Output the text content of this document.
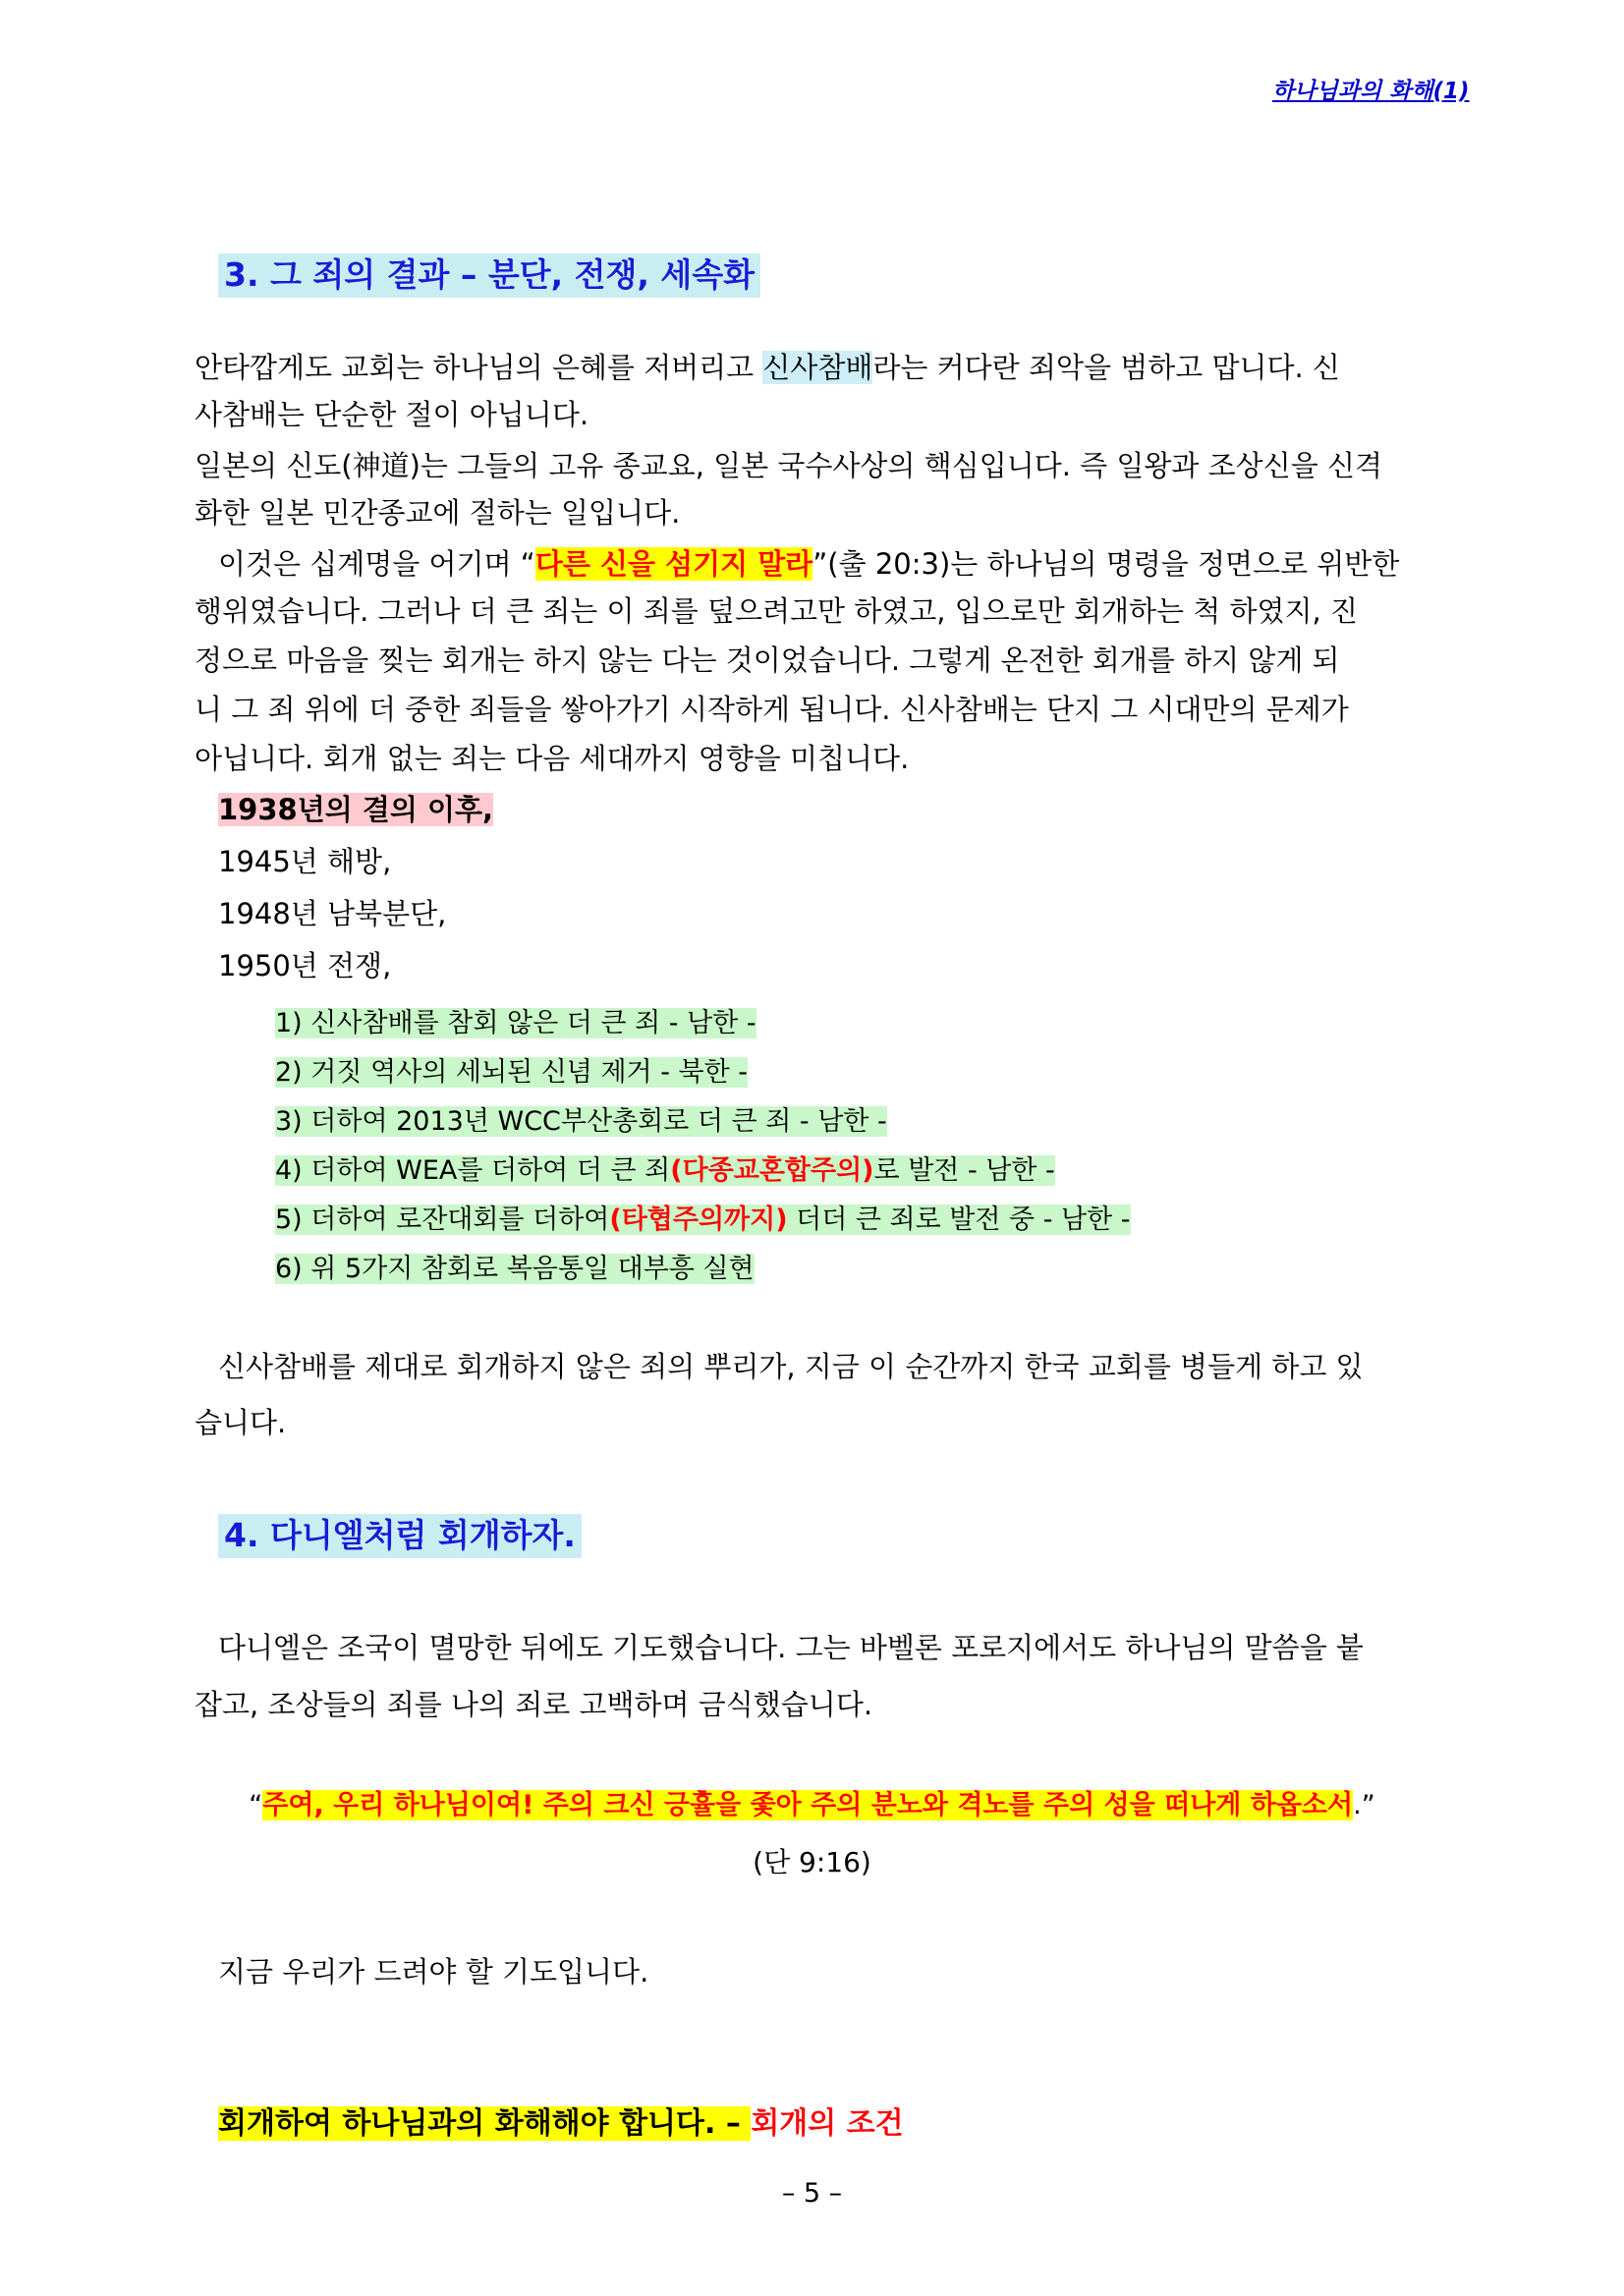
하나님과의 화해(1)
3. 그 죄의 결과 – 분단, 전쟁, 세속화
안타깝게도 교회는 하나님의 은혜를 저버리고 신사참배라는 커다란 죄악을 범하고 맙니다. 신
사참배는 단순한 절이 아닙니다.
일본의 신도(神道)는 그들의 고유 종교요, 일본 국수사상의 핵심입니다. 즉 일왕과 조상신을 신격
화한 일본 민간종교에 절하는 일입니다.
이것은 십계명을 어기며 “다른 신을 섬기지 말라”(출 20:3)는 하나님의 명령을 정면으로 위반한
행위였습니다. 그러나 더 큰 죄는 이 죄를 덮으려고만 하였고, 입으로만 회개하는 척 하였지, 진
정으로 마음을 찢는 회개는 하지 않는 다는 것이었습니다. 그렇게 온전한 회개를 하지 않게 되
니 그 죄 위에 더 중한 죄들을 쌓아가기 시작하게 됩니다. 신사참배는 단지 그 시대만의 문제가
아닙니다. 회개 없는 죄는 다음 세대까지 영향을 미칩니다.
1938년의 결의 이후,
1945년 해방,
1948년 남북분단,
1950년 전쟁,
1) 신사참배를 참회 않은 더 큰 죄 - 남한 -
2) 거짓 역사의 세뇌된 신념 제거 - 북한 -
3) 더하여 2013년 WCC부산총회로 더 큰 죄 - 남한 -
4) 더하여 WEA를 더하여 더 큰 죄(다종교혼합주의)로 발전 - 남한 -
5) 더하여 로잔대회를 더하여(타협주의까지) 더더 큰 죄로 발전 중 - 남한 -
6) 위 5가지 참회로 복음통일 대부흥 실현
신사참배를 제대로 회개하지 않은 죄의 뿌리가, 지금 이 순간까지 한국 교회를 병들게 하고 있
습니다.
4. 다니엘처럼 회개하자.
다니엘은 조국이 멸망한 뒤에도 기도했습니다. 그는 바벨론 포로지에서도 하나님의 말씀을 붙
잡고, 조상들의 죄를 나의 죄로 고백하며 금식했습니다.
“주여, 우리 하나님이여! 주의 크신 긍휼을 좇아 주의 분노와 격노를 주의 성을 떠나게 하옵소서.”
(단 9:16)
지금 우리가 드려야 할 기도입니다.
회개하여 하나님과의 화해해야 합니다. – 회개의 조건
– 5 –
